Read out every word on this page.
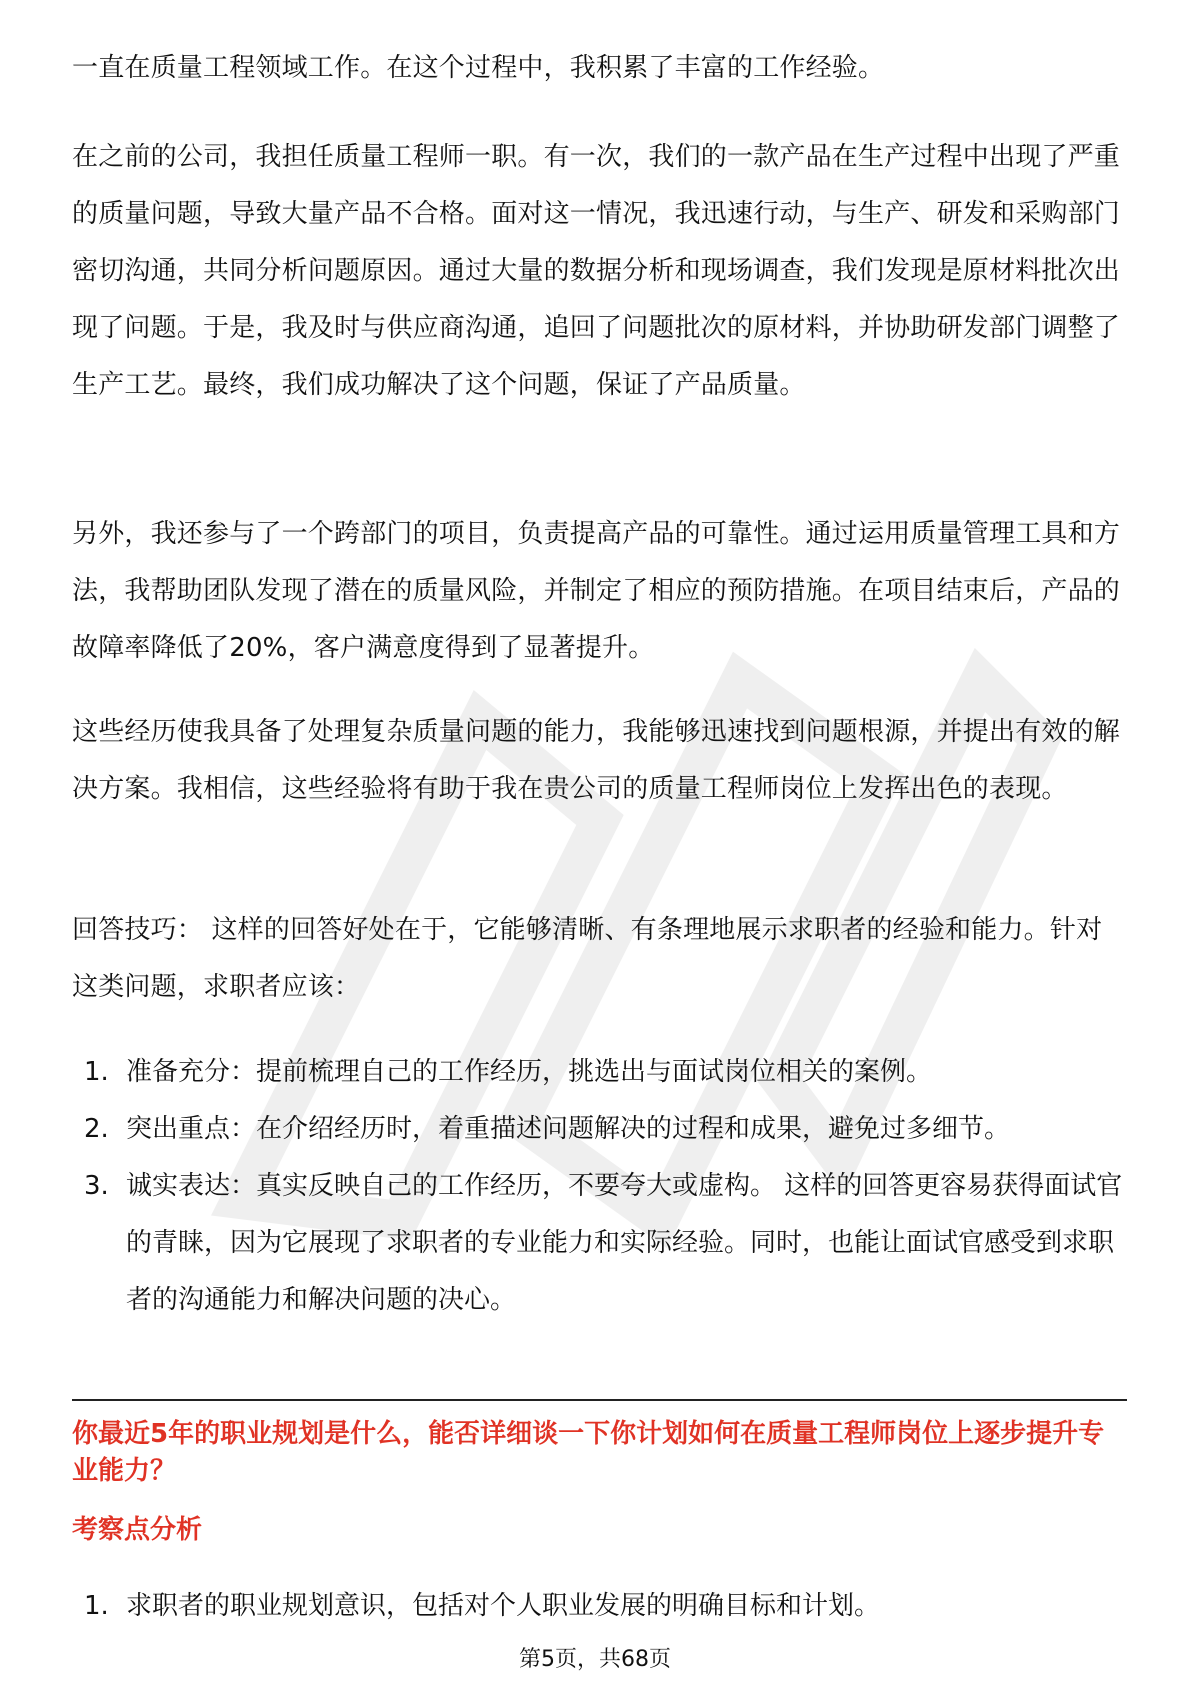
一直在质量工程领域工作。在这个过程中，我积累了丰富的工作经验。

在之前的公司，我担任质量工程师一职。有一次，我们的一款产品在生产过程中出现了严重的质量问题，导致大量产品不合格。面对这一情况，我迅速行动，与生产、研发和采购部门密切沟通，共同分析问题原因。通过大量的数据分析和现场调查，我们发现是原材料批次出现了问题。于是，我及时与供应商沟通，追回了问题批次的原材料，并协助研发部门调整了生产工艺。最终，我们成功解决了这个问题，保证了产品质量。

另外，我还参与了一个跨部门的项目，负责提高产品的可靠性。通过运用质量管理工具和方法，我帮助团队发现了潜在的质量风险，并制定了相应的预防措施。在项目结束后，产品的故障率降低了20%，客户满意度得到了显著提升。

这些经历使我具备了处理复杂质量问题的能力，我能够迅速找到问题根源，并提出有效的解决方案。我相信，这些经验将有助于我在贵公司的质量工程师岗位上发挥出色的表现。

回答技巧： 这样的回答好处在于，它能够清晰、有条理地展示求职者的经验和能力。针对这类问题，求职者应该：

1. 准备充分：提前梳理自己的工作经历，挑选出与面试岗位相关的案例。
2. 突出重点：在介绍经历时，着重描述问题解决的过程和成果，避免过多细节。
3. 诚实表达：真实反映自己的工作经历，不要夸大或虚构。 这样的回答更容易获得面试官的青睐，因为它展现了求职者的专业能力和实际经验。同时，也能让面试官感受到求职者的沟通能力和解决问题的决心。

你最近5年的职业规划是什么，能否详细谈一下你计划如何在质量工程师岗位上逐步提升专业能力？

考察点分析

1. 求职者的职业规划意识，包括对个人职业发展的明确目标和计划。
第5页，共68页
